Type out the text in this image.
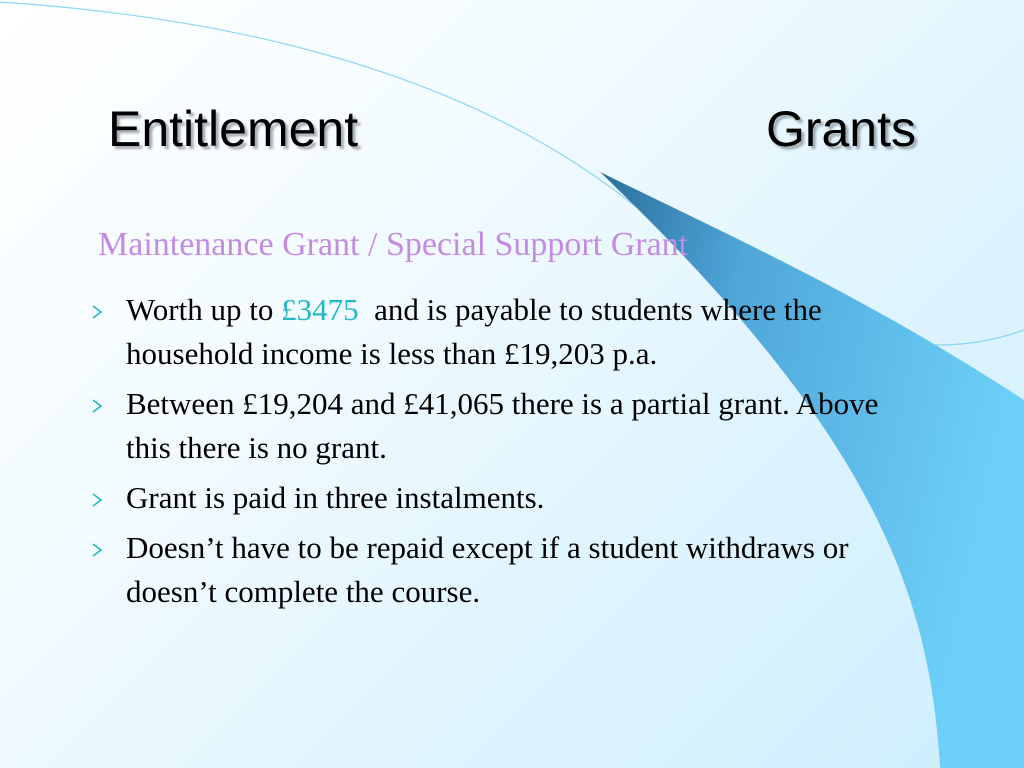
Entitlement	Grants
Maintenance Grant / Special Support Grant
Worth up to £3475  and is payable to students where the household income is less than £19,203 p.a.
Between £19,204 and £41,065 there is a partial grant. Above this there is no grant.
Grant is paid in three instalments.
Doesn’t have to be repaid except if a student withdraws or doesn’t complete the course.
